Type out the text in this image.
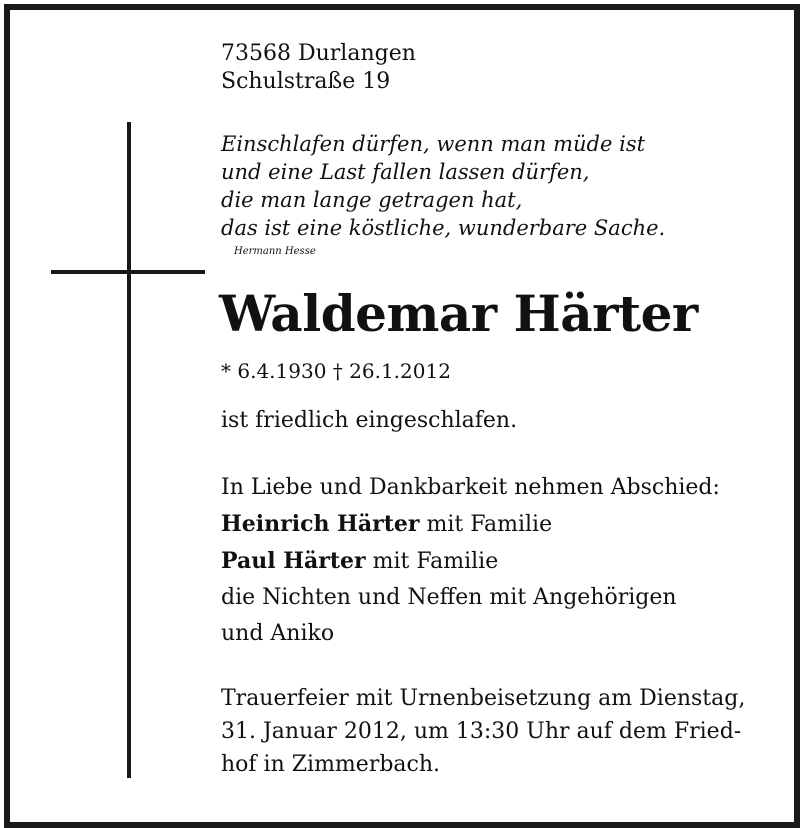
73568 Durlangen
Schulstraße 19
Einschlafen dürfen, wenn man müde ist
und eine Last fallen lassen dürfen,
die man lange getragen hat,
das ist eine köstliche, wunderbare Sache.
Hermann Hesse
Waldemar Härter
* 6.4.1930 † 26.1.2012
ist friedlich eingeschlafen.
In Liebe und Dankbarkeit nehmen Abschied:
Heinrich Härter mit Familie
Paul Härter mit Familie
die Nichten und Neffen mit Angehörigen
und Aniko
Trauerfeier mit Urnenbeisetzung am Dienstag,
31. Januar 2012, um 13:30 Uhr auf dem Fried-
hof in Zimmerbach.
